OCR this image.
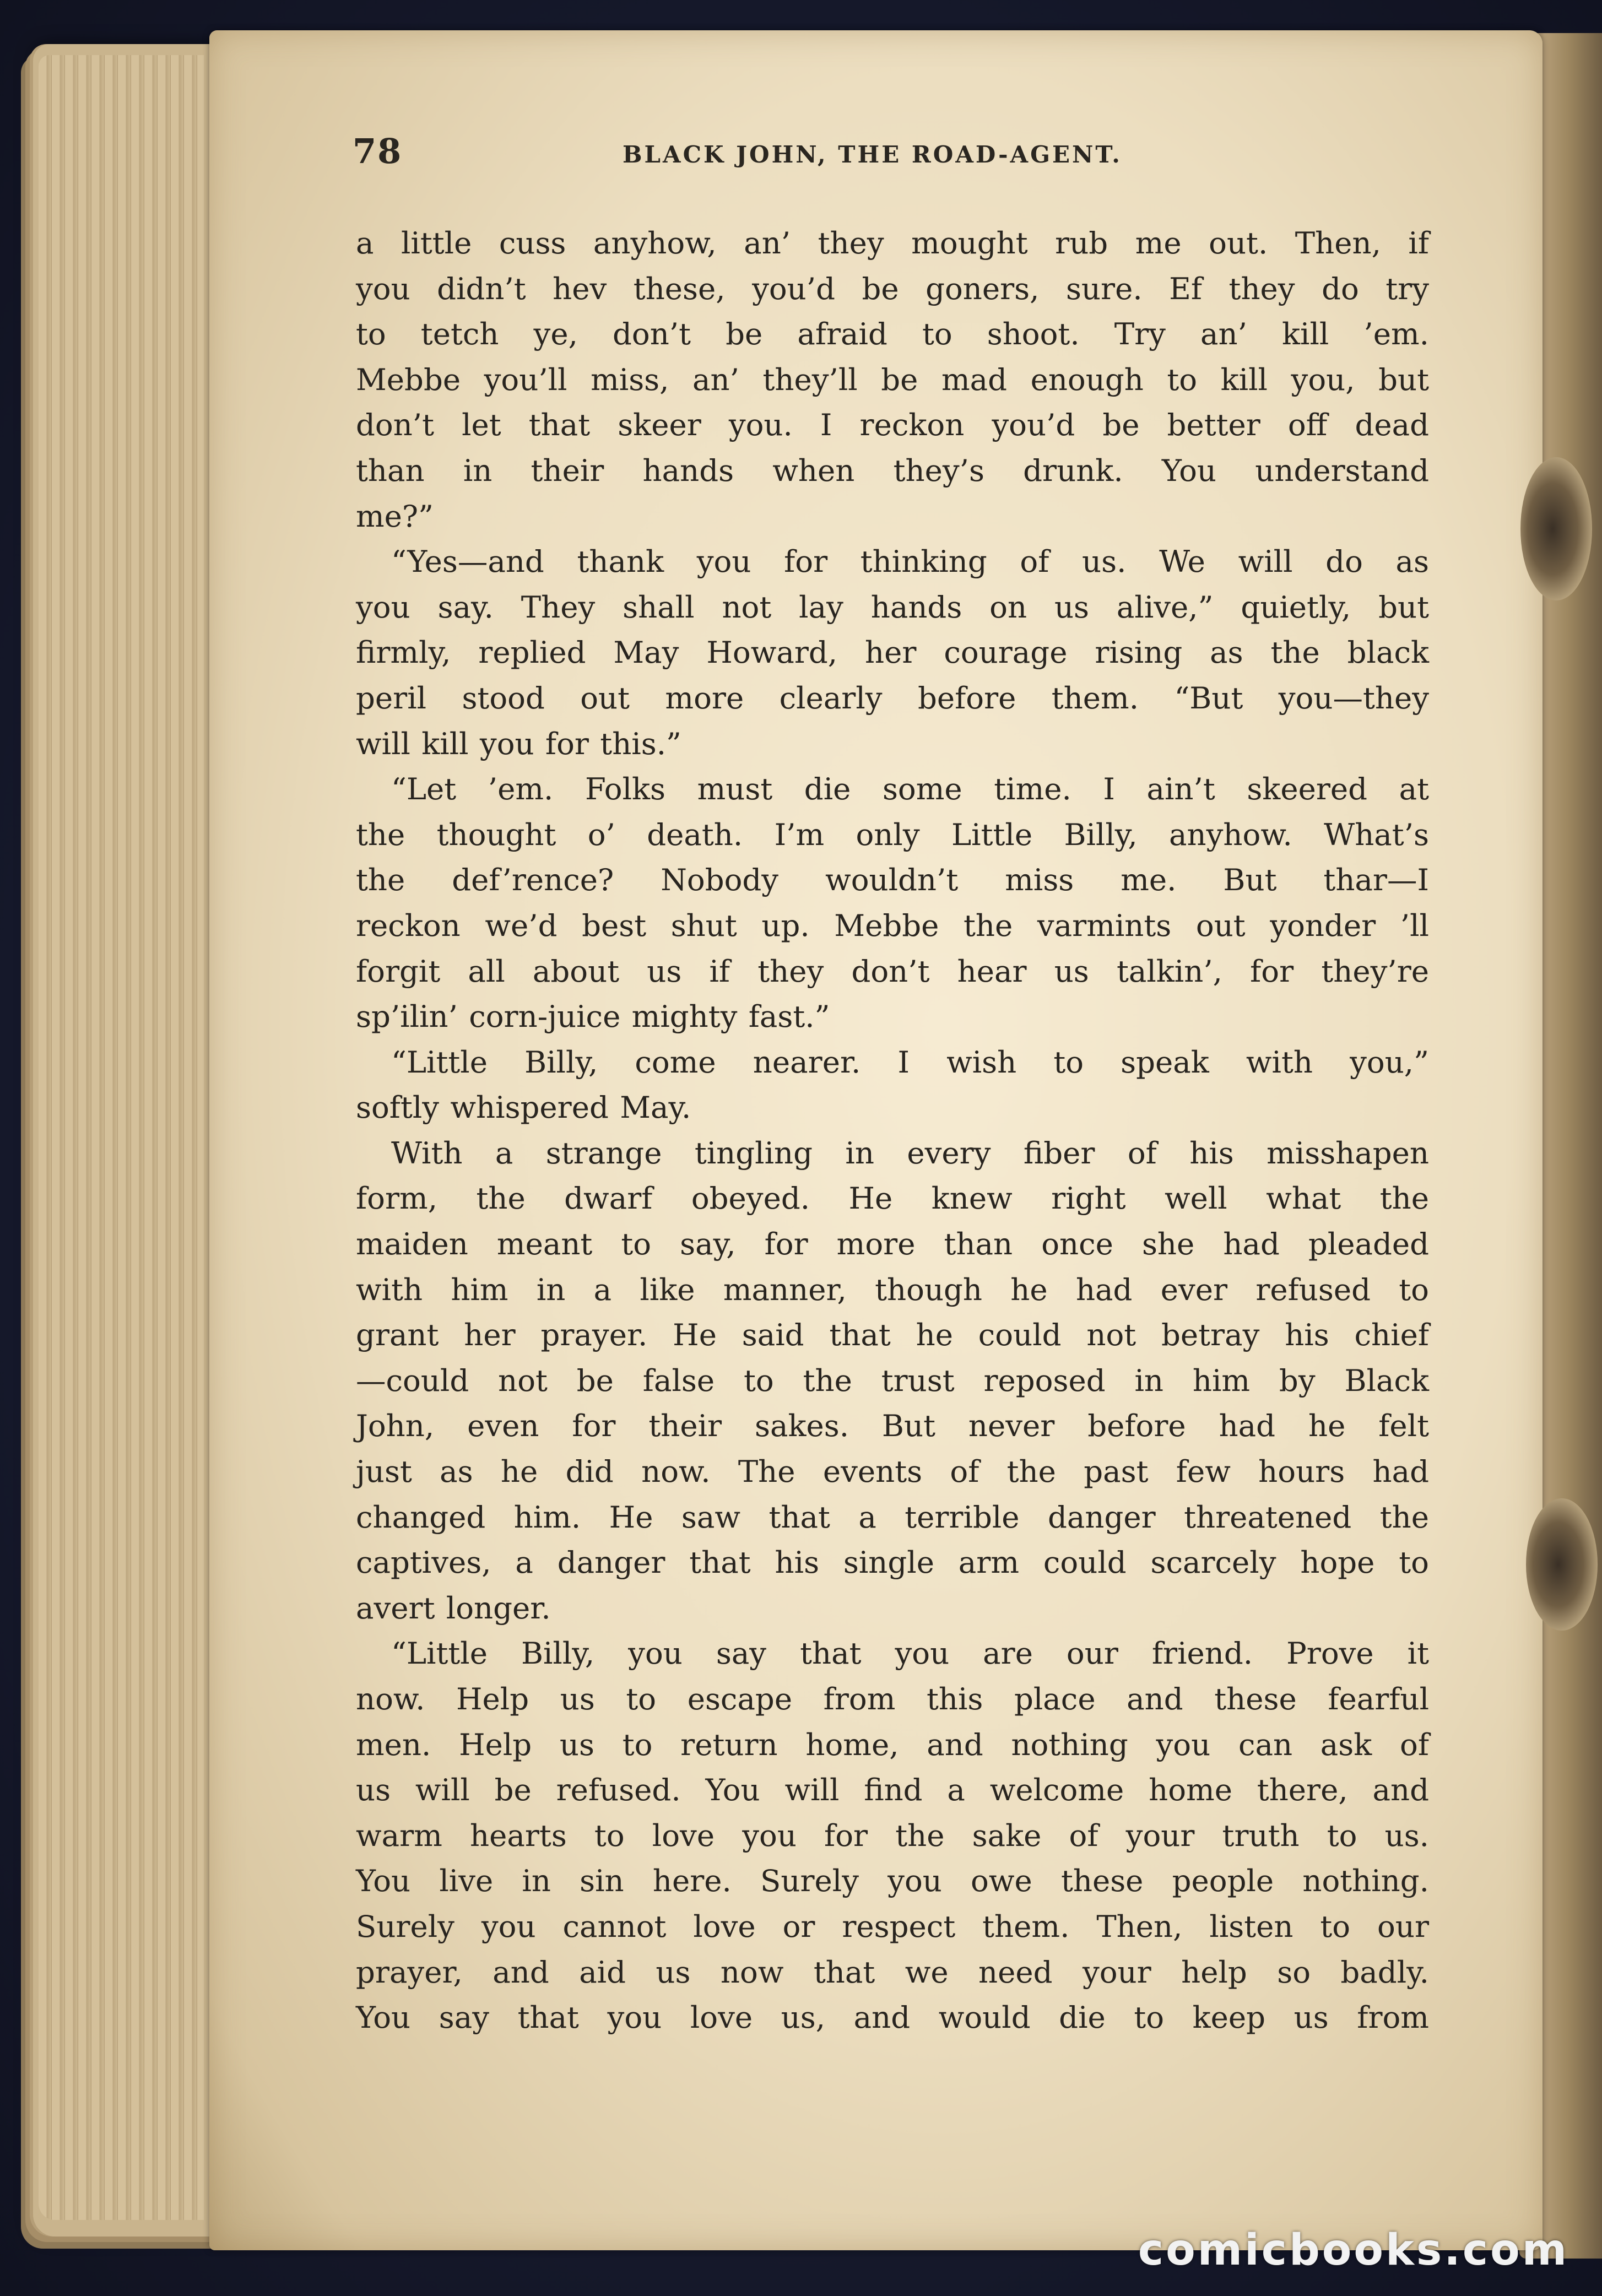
78	BLACK JOHN, THE ROAD-AGENT.
a little cuss anyhow, an’ they mought rub me out. Then, if
you didn’t hev these, you’d be goners, sure. Ef they do try
to tetch ye, don’t be afraid to shoot. Try an’ kill ’em.
Mebbe you’ll miss, an’ they’ll be mad enough to kill you, but
don’t let that skeer you. I reckon you’d be better off dead
than in their hands when they’s drunk. You understand
me?”
“Yes—and thank you for thinking of us. We will do as
you say. They shall not lay hands on us alive,” quietly, but
firmly, replied May Howard, her courage rising as the black
peril stood out more clearly before them. “But you—they
will kill you for this.”
“Let ’em. Folks must die some time. I ain’t skeered at
the thought o’ death. I’m only Little Billy, anyhow. What’s
the def’rence? Nobody wouldn’t miss me. But thar—I
reckon we’d best shut up. Mebbe the varmints out yonder ’ll
forgit all about us if they don’t hear us talkin’, for they’re
sp’ilin’ corn-juice mighty fast.”
“Little Billy, come nearer. I wish to speak with you,”
softly whispered May.
With a strange tingling in every fiber of his misshapen
form, the dwarf obeyed. He knew right well what the
maiden meant to say, for more than once she had pleaded
with him in a like manner, though he had ever refused to
grant her prayer. He said that he could not betray his chief
—could not be false to the trust reposed in him by Black
John, even for their sakes. But never before had he felt
just as he did now. The events of the past few hours had
changed him. He saw that a terrible danger threatened the
captives, a danger that his single arm could scarcely hope to
avert longer.
“Little Billy, you say that you are our friend. Prove it
now. Help us to escape from this place and these fearful
men. Help us to return home, and nothing you can ask of
us will be refused. You will find a welcome home there, and
warm hearts to love you for the sake of your truth to us.
You live in sin here. Surely you owe these people nothing.
Surely you cannot love or respect them. Then, listen to our
prayer, and aid us now that we need your help so badly.
You say that you love us, and would die to keep us from
comicbooks.com
